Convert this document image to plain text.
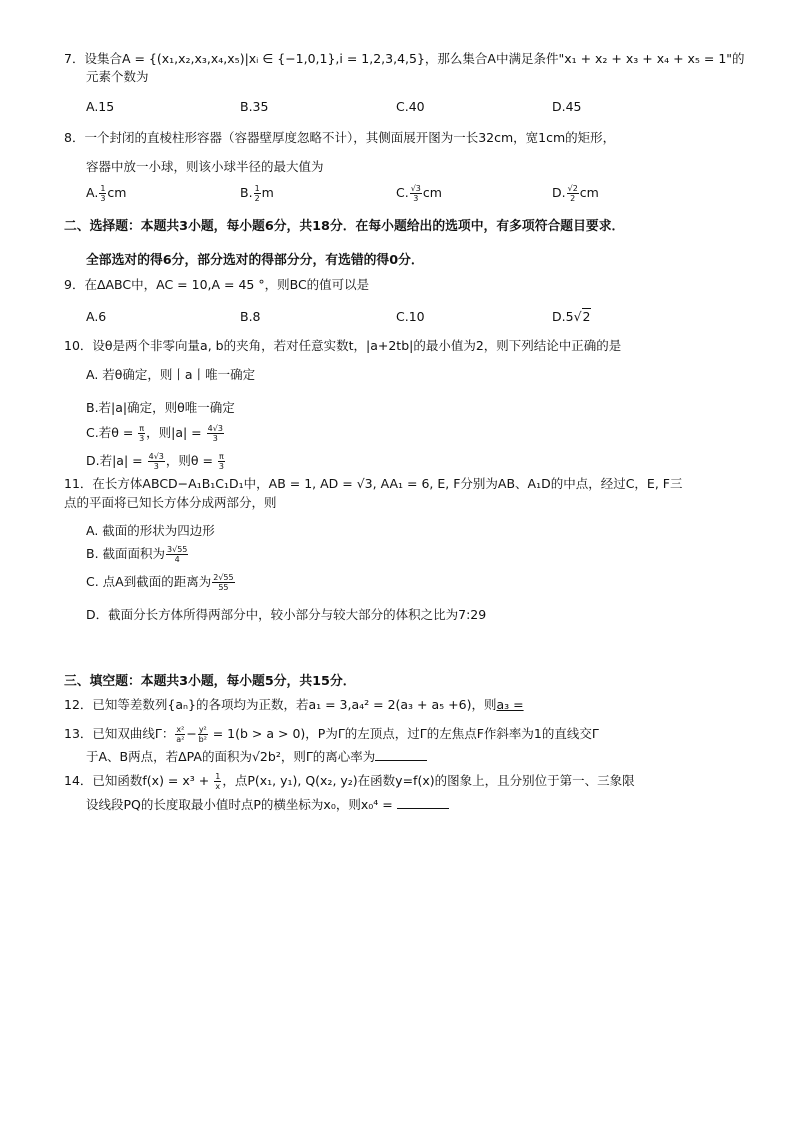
7．设集合A = {(x₁,x₂,x₃,x₄,x₅)|xᵢ ∈ {−1,0,1},i = 1,2,3,4,5}，那么集合A中满足条件"x₁ + x₂ + x₃ + x₄ + x₅ = 1"的
元素个数为
A.15	B.35	C.40	D.45
8．一个封闭的直棱柱形容器（容器壁厚度忽略不计），其侧面展开图为一长32cm，宽1cm的矩形，
容器中放一小球，则该小球半径的最大值为
A. $\frac{1}{3}$ cm	B. $\frac{1}{2}$ m	C. $\frac{√3}{3}$ cm	D. $\frac{√2}{2}$ cm
二、选择题：本题共3小题，每小题6分，共18分．在每小题给出的选项中，有多项符合题目要求．
全部选对的得6分，部分选对的得部分分，有选错的得0分．
9．在ΔABC中，AC = 10,A = 45 °，则BC的值可以是
A.6	B.8	C.10	D.5√2
10．设θ是两个非零向量a, b的夹角，若对任意实数t，|a+2tb|的最小值为2，则下列结论中正确的是
A. 若θ确定，则丨a丨唯一确定
B.若|a|确定，则θ唯一确定
C.若$\theta = \frac{\pi}{3}$ ，则$|a| = \frac{4√3}{3}$
D.若$|a| = \frac{4√3}{3}$ ，则$\theta = \frac{\pi}{3}$
11．在长方体ABCD−A₁B₁C₁D₁中，AB = 1, AD = √3, AA₁ = 6, E, F分别为AB、A₁D的中点，经过C，E, F三
点的平面将已知长方体分成两部分，则
A. 截面的形状为四边形
B. 截面面积为 $\frac{3√55}{4}$
C. 点A到截面的距离为 $\frac{2√55}{55}$
D．截面分长方体所得两部分中，较小部分与较大部分的体积之比为7:29
三、填空题：本题共3小题，每小题5分，共15分．
12．已知等差数列{aₙ}的各项均为正数，若a₁ = 3,a₄² = 2(a₃ + a₅ +6)，则a₃ =
13．已知双曲线Γ： $\frac{\text{x²}}{\text{a²}} - \frac{\text{y²}}{\text{b²}} = 1(b > a > 0)$，P为Γ的左顶点，过Γ的左焦点F作斜率为1的直线交Γ
于A、B两点，若ΔPA的面积为√2b²，则Γ的离心率为
14．已知函数$f(x) = x^3 + \frac{1}{x}$ ，点P(x₁, y₁), Q(x₂, y₂)在函数y=f(x)的图象上，且分别位于第一、三象限
设线段PQ的长度取最小值时点P的横坐标为x₀，则x₀⁴ =
